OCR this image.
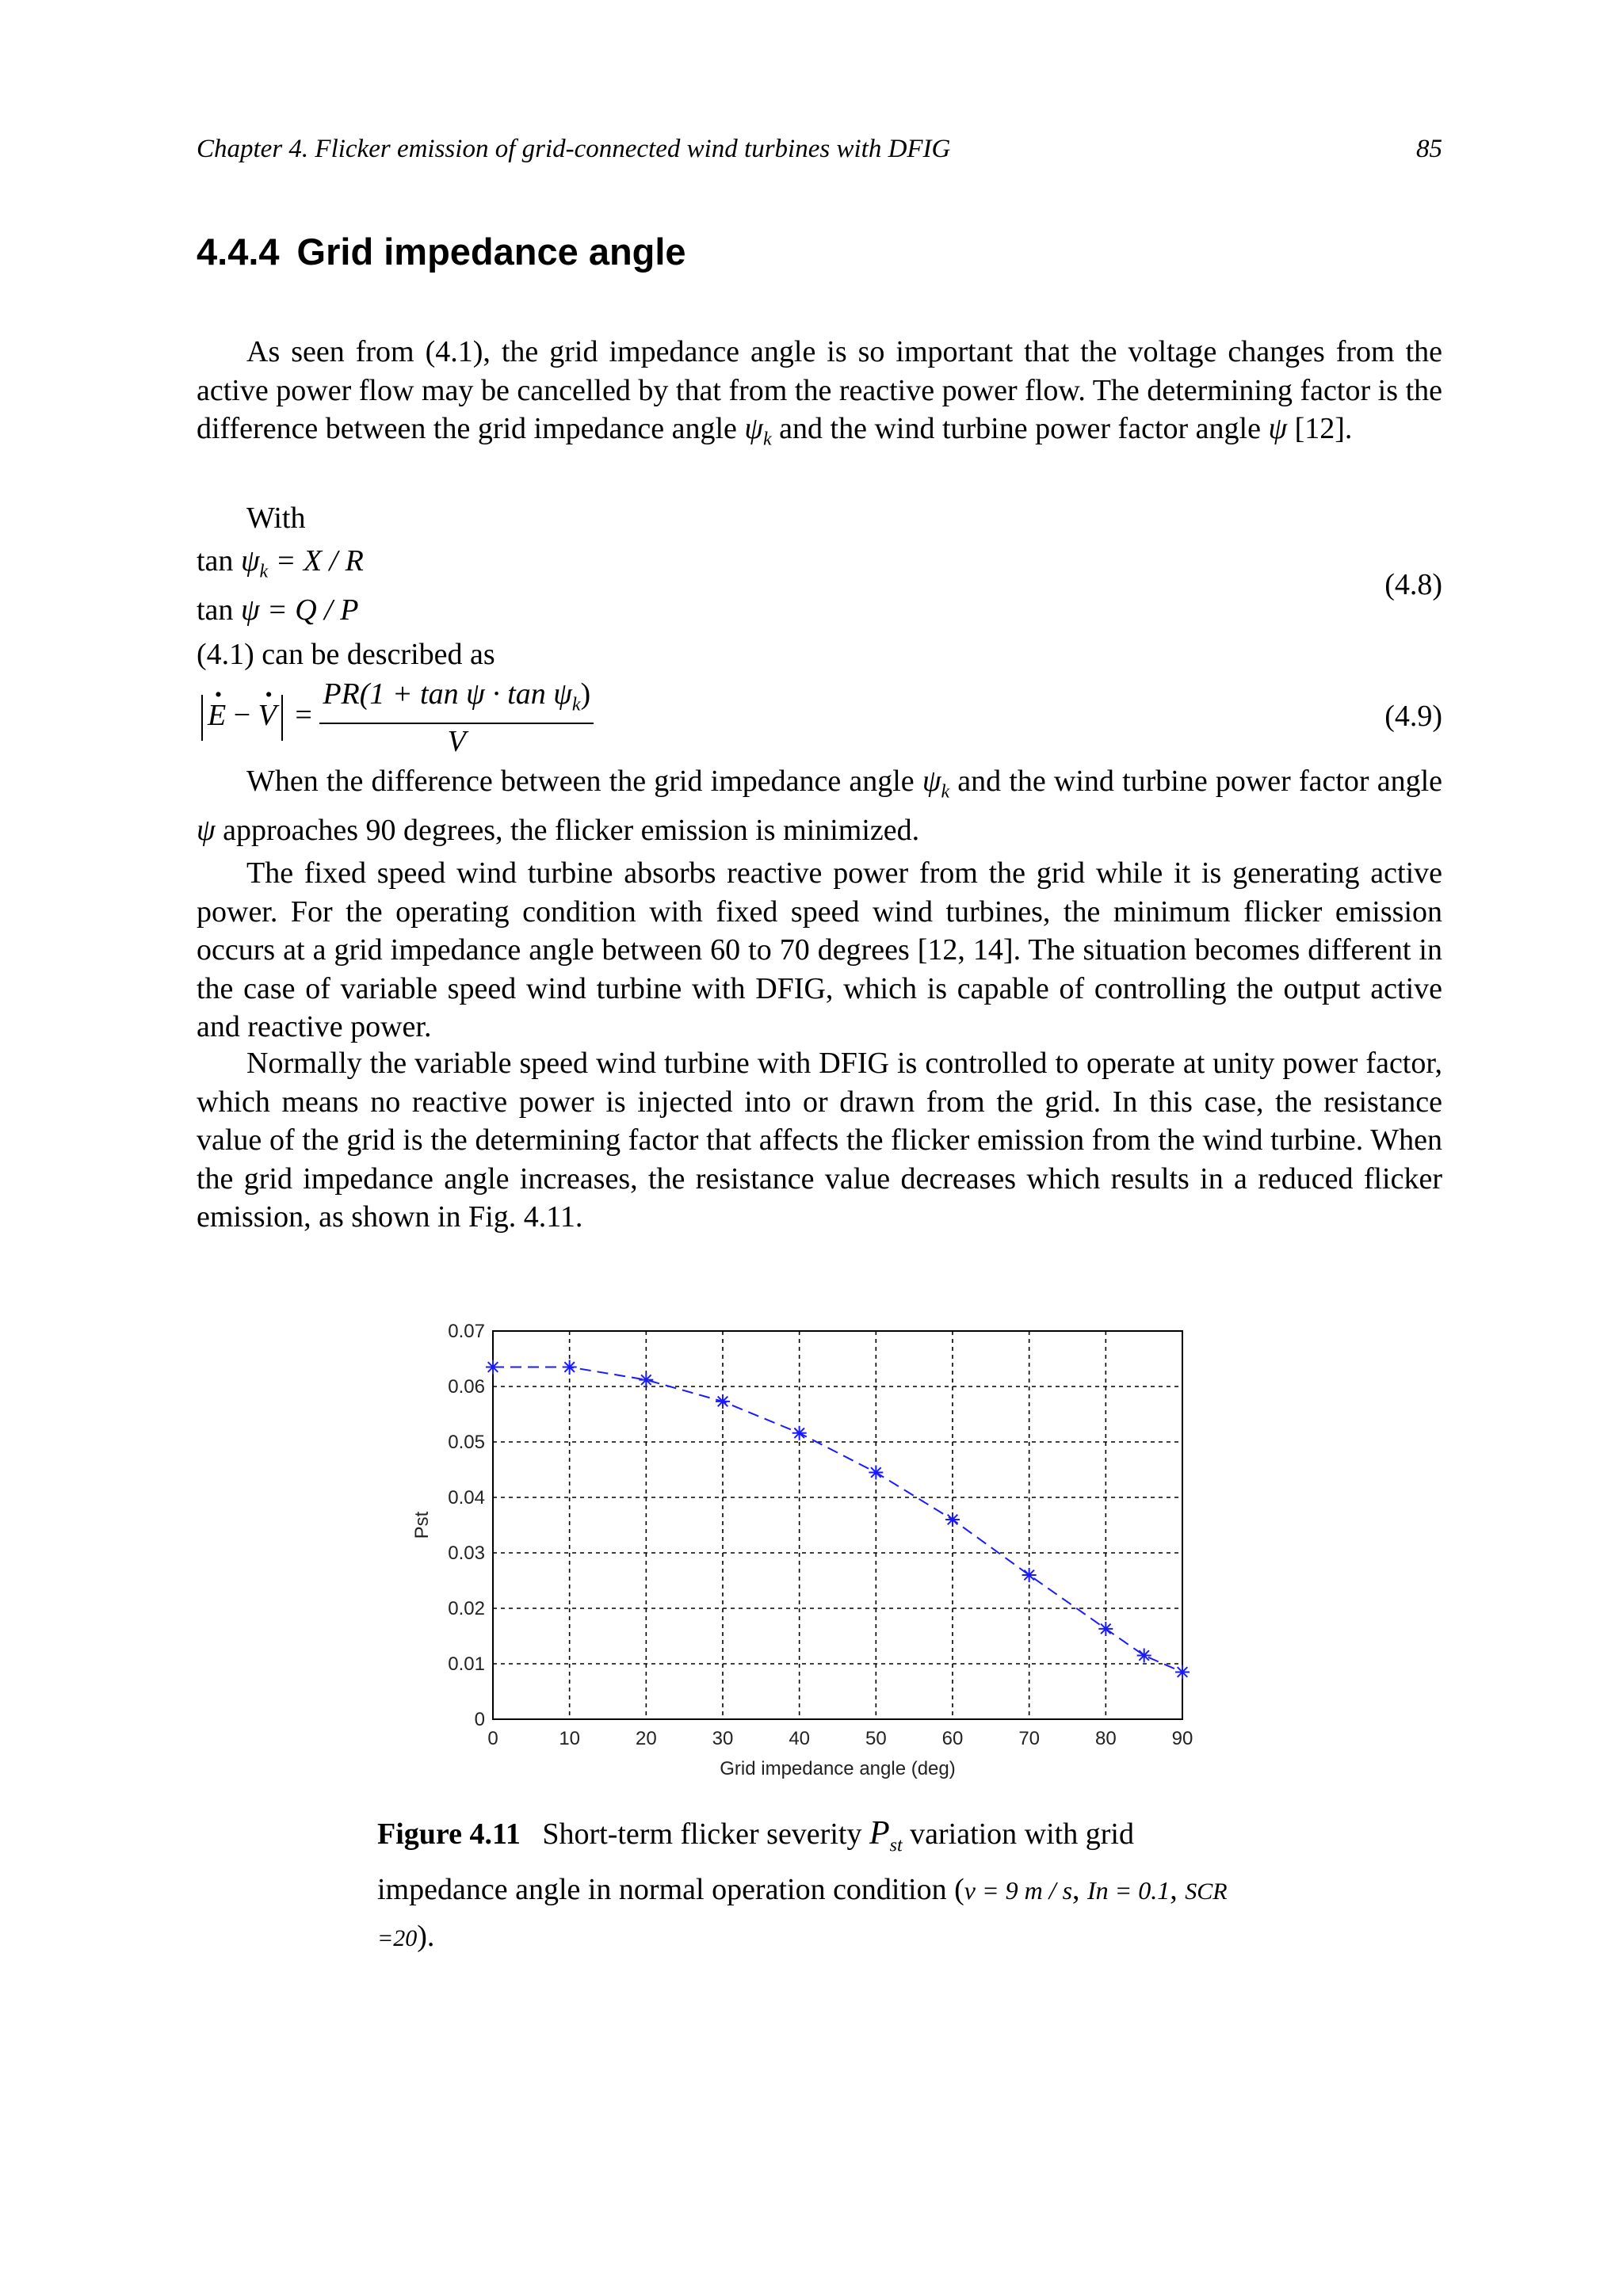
Chapter 4. Flicker emission of grid-connected wind turbines with DFIG	85
4.4.4 Grid impedance angle
As seen from (4.1), the grid impedance angle is so important that the voltage changes from the active power flow may be cancelled by that from the reactive power flow. The determining factor is the difference between the grid impedance angle $\psi_k$ and the wind turbine power factor angle ψ [12].
With
$\tan \psi_k = X / R$
tan ψ = Q / P
(4.8)
(4.1) can be described as
. E − . $V = \frac{PR(1 + \tan \psi \cdot \tan \psi_k)}{V}$	(4.9)
When the difference between the grid impedance angle $\psi_k$ and the wind turbine power factor angle ψ approaches 90 degrees, the flicker emission is minimized.
The fixed speed wind turbine absorbs reactive power from the grid while it is generating active power. For the operating condition with fixed speed wind turbines, the minimum flicker emission occurs at a grid impedance angle between 60 to 70 degrees [12, 14]. The situation becomes different in the case of variable speed wind turbine with DFIG, which is capable of controlling the output active and reactive power.
Normally the variable speed wind turbine with DFIG is controlled to operate at unity power factor, which means no reactive power is injected into or drawn from the grid. In this case, the resistance value of the grid is the determining factor that affects the flicker emission from the wind turbine. When the grid impedance angle increases, the resistance value decreases which results in a reduced flicker emission, as shown in Fig. 4.11.
0	10	20	30	40	50	60	70	80	90
0
0.01
0.02
0.03
0.04
0.05
0.06
0.07
Grid impedance angle (deg)
Pst
Figure 4.11 Short-term flicker severity $P_{st}$ variation with grid impedance angle in normal operation condition (v = 9 m / s, In = 0.1, SCR =20).
